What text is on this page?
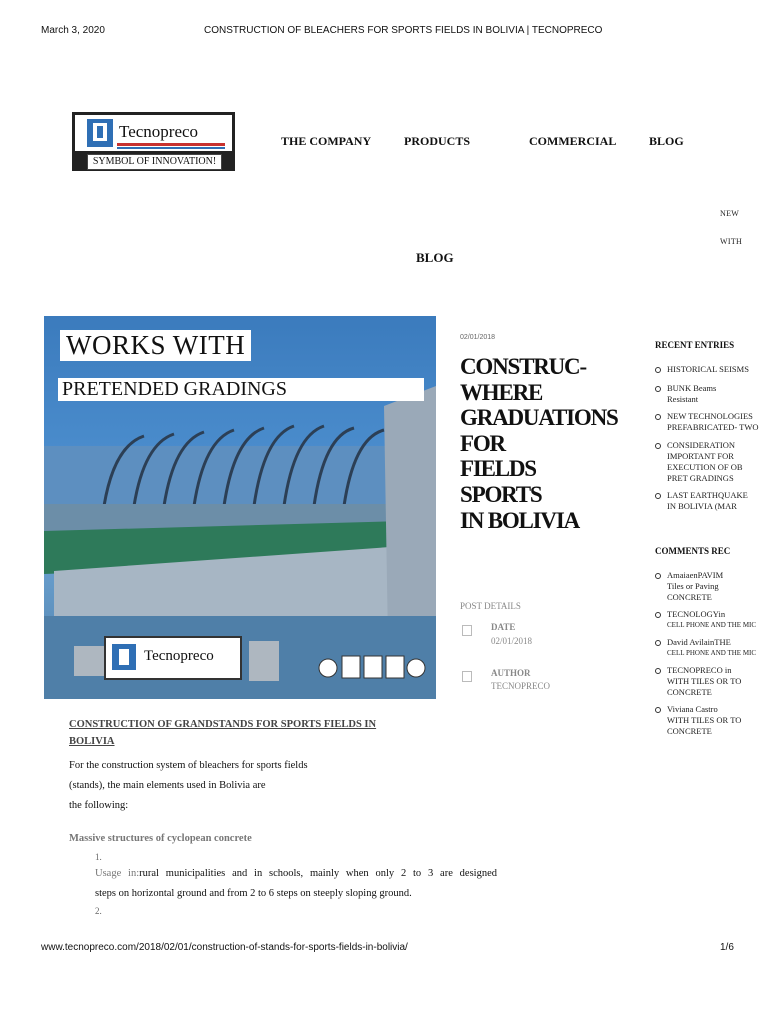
March 3, 2020	CONSTRUCTION OF BLEACHERS FOR SPORTS FIELDS IN BOLIVIA | TECNOPRECO
Tecnopreco
SYMBOL OF INNOVATION!
THE COMPANY	PRODUCTS	COMMERCIAL	BLOG
NEW
WITH
BLOG
WORKS WITH
PRETENDED GRADINGS
Tecnopreco
02/01/2018
CONSTRUC-
WHERE
GRADUATIONS
FOR
FIELDS
SPORTS
IN BOLIVIA
POST DETAILS
DATE
02/01/2018
AUTHOR
TECNOPRECO
RECENT ENTRIES
HISTORICAL SEISMS
BUNK Beams
Resistant
NEW TECHNOLOGIES
PREFABRICATED- TWO
CONSIDERATION
IMPORTANT FOR
EXECUTION OF OB
PRET GRADINGS
LAST EARTHQUAKE
IN BOLIVIA (MAR
COMMENTS REC
AmaiaenPAVIM
Tiles or Paving
CONCRETE
TECNOLOGYin
CELL PHONE AND THE MIC
David AvilainTHE
CELL PHONE AND THE MIC
TECNOPRECO in
WITH TILES OR TO
CONCRETE
Viviana Castro
WITH TILES OR TO
CONCRETE
CONSTRUCTION OF GRANDSTANDS FOR SPORTS FIELDS IN
BOLIVIA
For the construction system of bleachers for sports fields
(stands), the main elements used in Bolivia are
the following:
Massive structures of cyclopean concrete
1.
Usage in:rural municipalities and in schools, mainly when only 2 to 3 are designed
steps on horizontal ground and from 2 to 6 steps on steeply sloping ground.
2.
www.tecnopreco.com/2018/02/01/construction-of-stands-for-sports-fields-in-bolivia/	1/6
